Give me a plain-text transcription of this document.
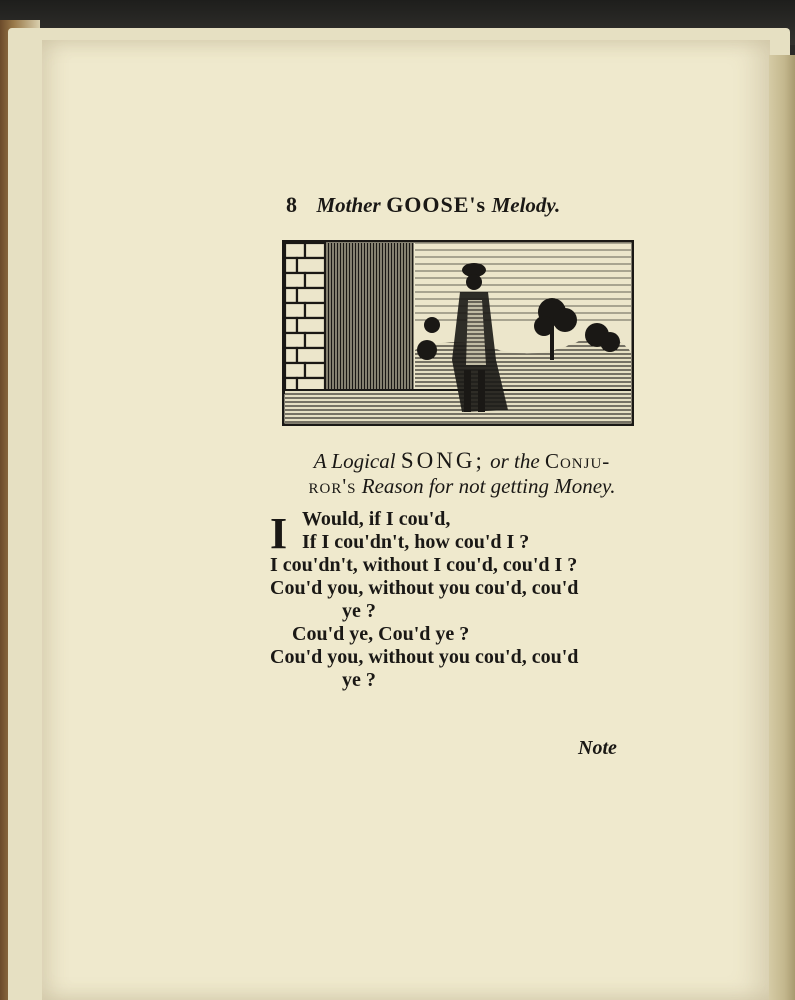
8 Mother GOOSE's Melody.
A Logical SONG; or the Conju-
ror's Reason for not getting Money.
I Would, if I cou'd,
If I cou'dn't, how cou'd I ?
I cou'dn't, without I cou'd, cou'd I ?
Cou'd you, without you cou'd, cou'd
ye ?
Cou'd ye, Cou'd ye ?
Cou'd you, without you cou'd, cou'd
ye ?
Note
